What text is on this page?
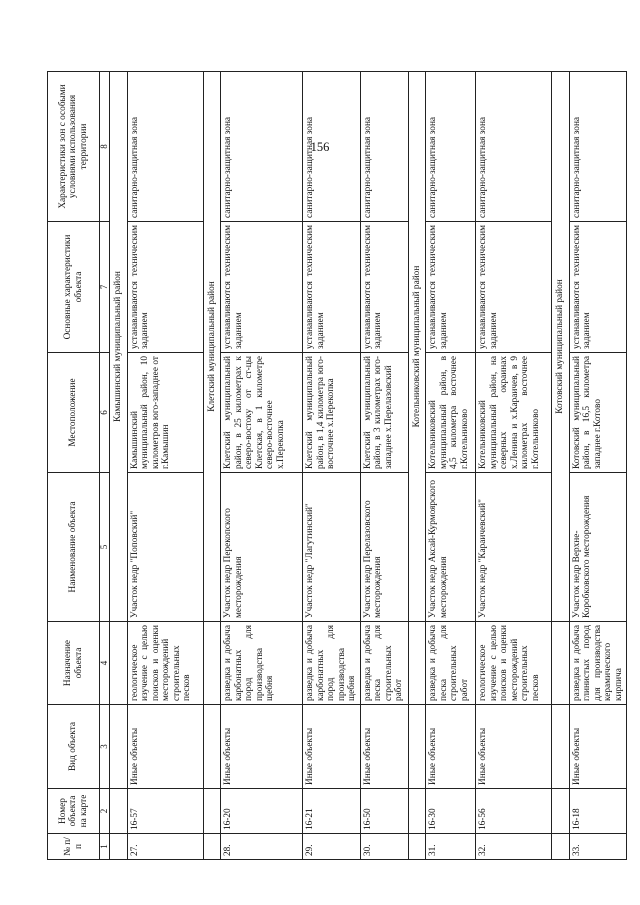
156
№ п/п	Номер объекта на карте	Вид объекта	Назначение объекта	Наименование объекта	Местоположение	Основные характеристики объекта	Характеристики зон с особыми условиями использования территории
1	2	3	4	5	6	7	8
				Камышинский муниципальный район			
27.	16-57	Иные объекты	геологическое изучение с целью поисков и оценки месторождений строительных песков	Участок недр "Поповский"	Камышинский муниципальный район, 10 километров юго-западнее от г.Камышин	устанавливаются техническим заданием	санитарно-защитная зона
				Клетский муниципальный район			
28.	16-20	Иные объекты	разведка и добыча карбонатных пород для производства щебня	Участок недр Перекопского месторождения	Клетский муниципальный район, в 25 километрах к северо-востоку от ст-цы Клетская, в 1 километре северо-восточнее х.Перекопка	устанавливаются техническим заданием	санитарно-защитная зона
29.	16-21	Иные объекты	разведка и добыча карбонатных пород для производства щебня	Участок недр "Лагутинский"	Клетский муниципальный район, в 1,4 километра юго-восточнее х.Перекопка	устанавливаются техническим заданием	санитарно-защитная зона
30.	16-50	Иные объекты	разведка и добыча песка для строительных работ	Участок недр Перелазовского месторождения	Клетский муниципальный район, в 3 километрах юго-западнее х.Перелазовский	устанавливаются техническим заданием	санитарно-защитная зона
				Котельниковский муниципальный район			
31.	16-30	Иные объекты	разведка и добыча песка для строительных работ	Участок недр Аксай-Курмоярского месторождения	Котельниковский муниципальный район, в 4,5 километра восточнее г.Котельниково	устанавливаются техническим заданием	санитарно-защитная зона
32.	16-56	Иные объекты	геологическое изучение с целью поисков и оценки месторождений строительных песков	Участок недр "Караичевский"	Котельниковский муниципальный район, на северных окраинах х.Ленина и х.Караичев, в 9 километрах восточнее г.Котельниково	устанавливаются техническим заданием	санитарно-защитная зона
				Котовский муниципальный район			
33.	16-18	Иные объекты	разведка и добыча глинистых пород для производства керамического кирпича	Участок недр Верхне-Коробковского месторождения	Котовский муниципальный район, в 16,5 километра западнее г.Котово	устанавливаются техническим заданием	санитарно-защитная зона
